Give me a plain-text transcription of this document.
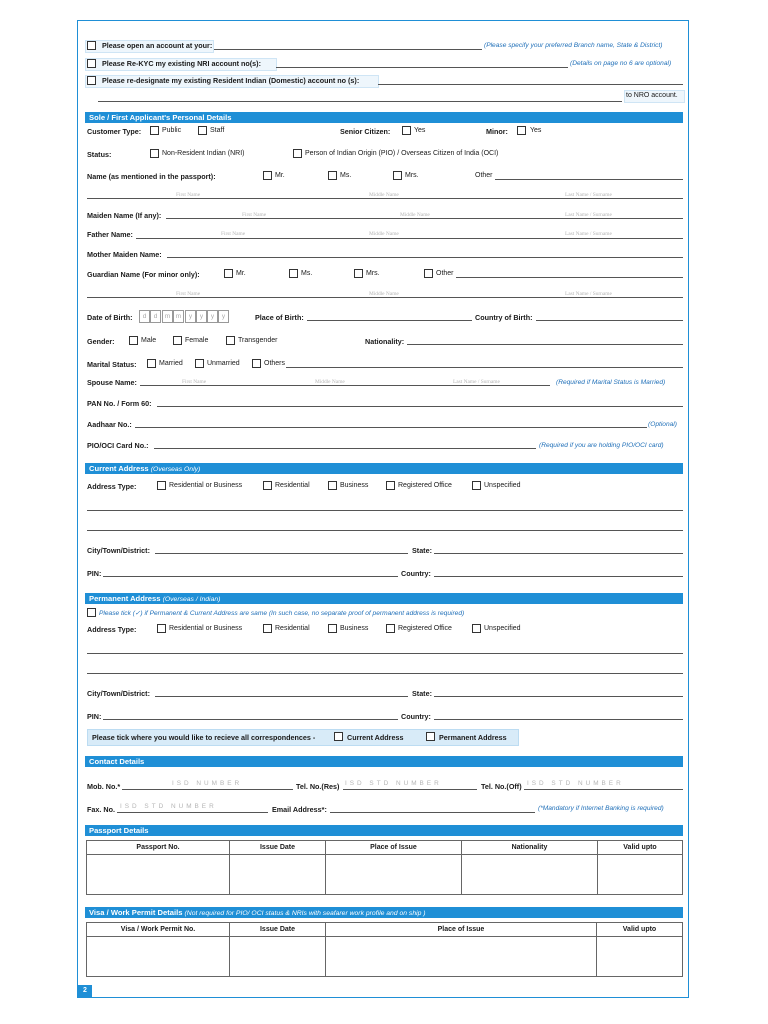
Please open an account at your:	(Please specify your preferred Branch name, State & District)
Please Re-KYC my existing NRI account no(s):	(Details on page no 6 are optional)
Please re-designate my existing Resident Indian (Domestic) account no (s):
to NRO account.
Sole / First Applicant's Personal Details
Customer Type:	Public	Staff	Senior Citizen:	Yes	Minor:	Yes
Status:	Non-Resident Indian (NRI)	Person of Indian Origin (PIO) / Overseas Citizen of India (OCI)
Name (as mentioned in the passport):	Mr.	Ms.	Mrs.	Other
First Name	Middle Name	Last Name / Surname
Maiden Name (If any):	First Name	Middle Name	Last Name / Surname
Father Name:	First Name	Middle Name	Last Name / Surname
Mother Maiden Name:
Guardian Name (For minor only):	Mr.	Ms.	Mrs.	Other
First Name	Middle Name	Last Name / Surname
Date of Birth:	d	d	m m	y	y	y	y	Place of Birth:	Country of Birth:
Gender:	Male	Female	Transgender	Nationality:
Marital Status:	Married	Unmarried	Others
Spouse Name:	First Name	Middle Name	Last Name / Surname	(Required if Marital Status is Married)
PAN No. / Form 60:
Aadhaar No.:	(Optional)
PIO/OCI Card No.:	(Required if you are holding PIO/OCI card)
Current Address (Overseas Only)
Address Type:	Residential or Business	Residential	Business	Registered Office	Unspecified
City/Town/District:	State:
PIN:	Country:
Permanent Address (Overseas / Indian)
Please tick (✓) if Permanent & Current Address are same (In such case, no separate proof of permanent address is required)
Address Type:	Residential or Business	Residential	Business	Registered Office	Unspecified
City/Town/District:	State:
PIN:	Country:
Please tick where you would like to recieve all correspondences -	Current Address	Permanent Address
Contact Details
Mob. No.*	ISD NUMBER	Tel. No.(Res) ISD STD NUMBER	Tel. No.(Off) ISD STD NUMBER
Fax. No. ISD STD NUMBER	Email Address*:	(*Mandatory if Internet Banking is required)
Passport Details
Passport No.	Issue Date	Place of Issue	Nationality	Valid upto

Visa / Work Permit Details (Not required for PIO/ OCI status & NRIs with seafarer work profile and on ship )
Visa / Work Permit No.	Issue Date	Place of Issue	Valid upto

2
